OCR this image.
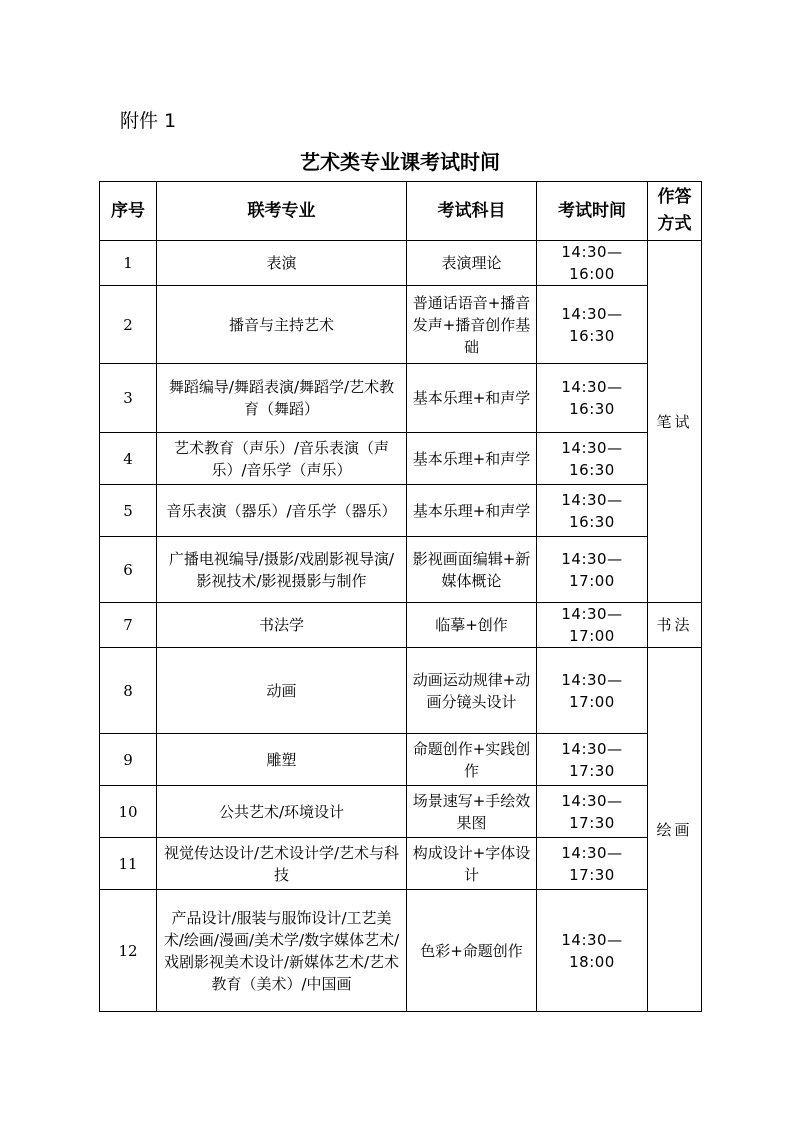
附件 1
艺术类专业课考试时间
序号	联考专业	考试科目	考试时间	作答方式
1	表演	表演理论	14:30—16:00	笔试
2	播音与主持艺术	普通话语音+播音发声+播音创作基础	14:30—16:30	
3	舞蹈编导/舞蹈表演/舞蹈学/艺术教育（舞蹈）	基本乐理+和声学	14:30—16:30	
4	艺术教育（声乐）/音乐表演（声乐）/音乐学（声乐）	基本乐理+和声学	14:30—16:30	
5	音乐表演（器乐）/音乐学（器乐）	基本乐理+和声学	14:30—16:30	
6	广播电视编导/摄影/戏剧影视导演/影视技术/影视摄影与制作	影视画面编辑+新媒体概论	14:30—17:00	
7	书法学	临摹+创作	14:30—17:00	书法
8	动画	动画运动规律+动画分镜头设计	14:30—17:00	绘画
9	雕塑	命题创作+实践创作	14:30—17:30	
10	公共艺术/环境设计	场景速写+手绘效果图	14:30—17:30	
11	视觉传达设计/艺术设计学/艺术与科技	构成设计+字体设计	14:30—17:30	
12	产品设计/服装与服饰设计/工艺美术/绘画/漫画/美术学/数字媒体艺术/戏剧影视美术设计/新媒体艺术/艺术教育（美术）/中国画	色彩+命题创作	14:30—18:00	
